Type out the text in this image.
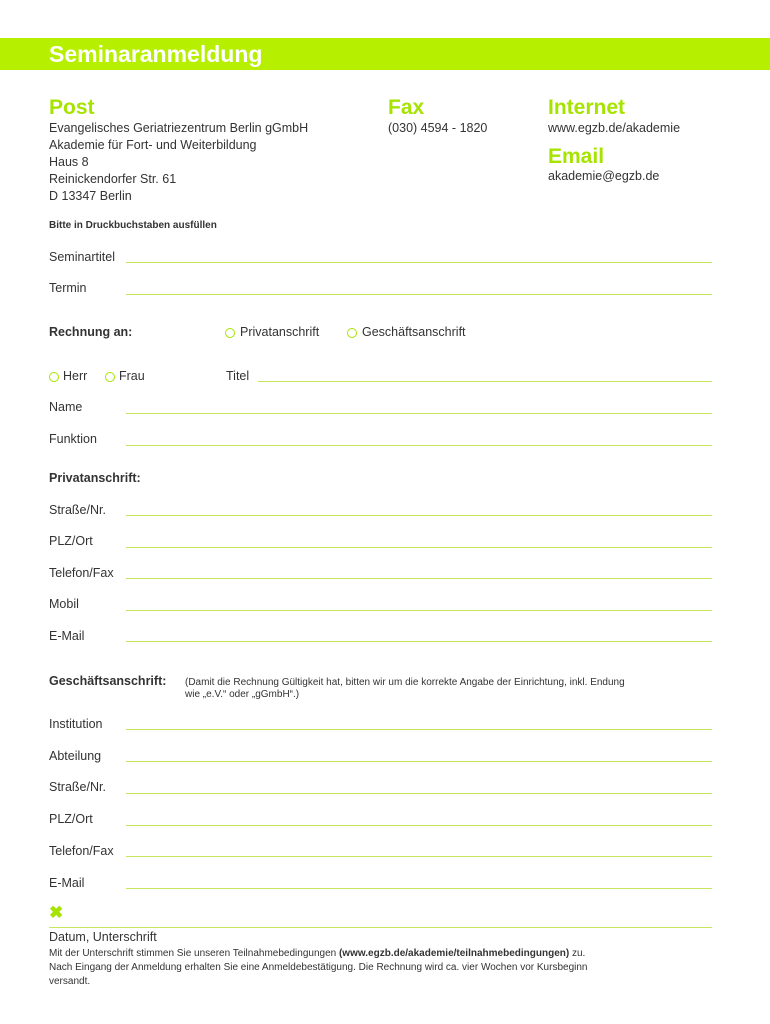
Seminaranmeldung
Post
Evangelisches Geriatriezentrum Berlin gGmbH
Akademie für Fort- und Weiterbildung
Haus 8
Reinickendorfer Str. 61
D 13347 Berlin
Fax
(030) 4594 - 1820
Internet
www.egzb.de/akademie
Email
akademie@egzb.de
Bitte in Druckbuchstaben ausfüllen
Seminartitel
Termin
Rechnung an:	Privatanschrift	Geschäftsanschrift
Herr	Frau	Titel
Name
Funktion
Privatanschrift:
Straße/Nr.
PLZ/Ort
Telefon/Fax
Mobil
E-Mail
Geschäftsanschrift: (Damit die Rechnung Gültigkeit hat, bitten wir um die korrekte Angabe der Einrichtung, inkl. Endung
wie „e.V.“ oder „gGmbH“.)
Institution
Abteilung
Straße/Nr.
PLZ/Ort
Telefon/Fax
E-Mail
✖
Datum, Unterschrift
Mit der Unterschrift stimmen Sie unseren Teilnahmebedingungen (www.egzb.de/akademie/teilnahmebedingungen) zu.
Nach Eingang der Anmeldung erhalten Sie eine Anmeldebestätigung. Die Rechnung wird ca. vier Wochen vor Kursbeginn
versandt.
